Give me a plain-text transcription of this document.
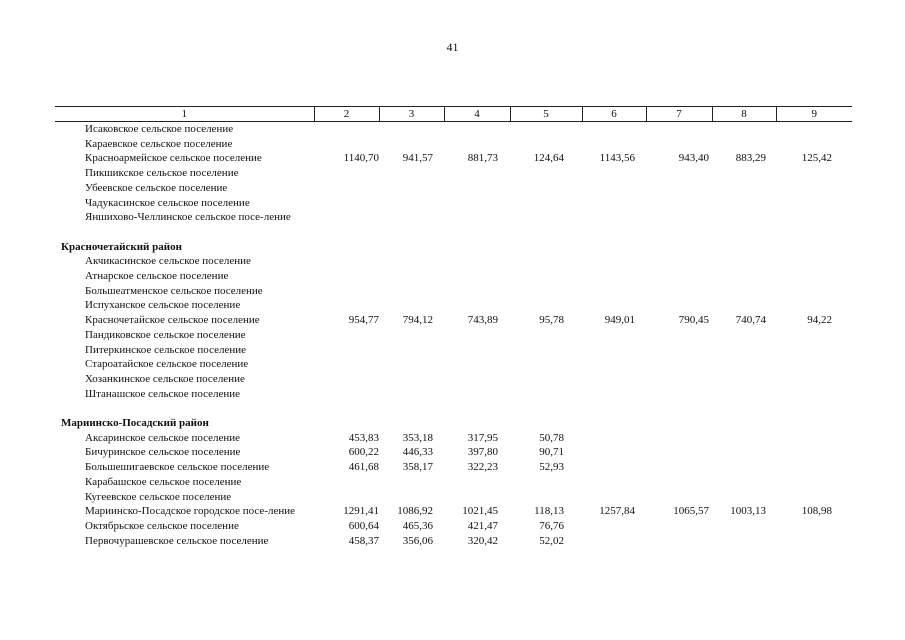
41
1	2	3	4	5	6	7	8	9
Исаковское сельское поселение								
Караевское сельское поселение								
Красноармейское сельское поселение	1140,70	941,57	881,73	124,64	1143,56	943,40	883,29	125,42
Пикшикское сельское поселение								
Убеевское сельское поселение								
Чадукасинское сельское поселение								
Яншихово-Челлинское сельское посе-ление								

Красночетайский район								
Акчикасинское сельское поселение								
Атнарское сельское поселение								
Большеатменское сельское поселение								
Испуханское сельское поселение								
Красночетайское сельское поселение	954,77	794,12	743,89	95,78	949,01	790,45	740,74	94,22
Пандиковское сельское поселение								
Питеркинское сельское поселение								
Староатайское сельское поселение								
Хозанкинское сельское поселение								
Штанашское сельское поселение								

Мариинско-Посадский район								
Аксаринское сельское поселение	453,83	353,18	317,95	50,78				
Бичуринское сельское поселение	600,22	446,33	397,80	90,71				
Большешигаевское сельское поселение	461,68	358,17	322,23	52,93				
Карабашское сельское поселение								
Кугеевское сельское поселение								
Мариинско-Посадское городское посе-ление	1291,41	1086,92	1021,45	118,13	1257,84	1065,57	1003,13	108,98
Октябрьское сельское поселение	600,64	465,36	421,47	76,76				
Первочурашевское сельское поселение	458,37	356,06	320,42	52,02				
